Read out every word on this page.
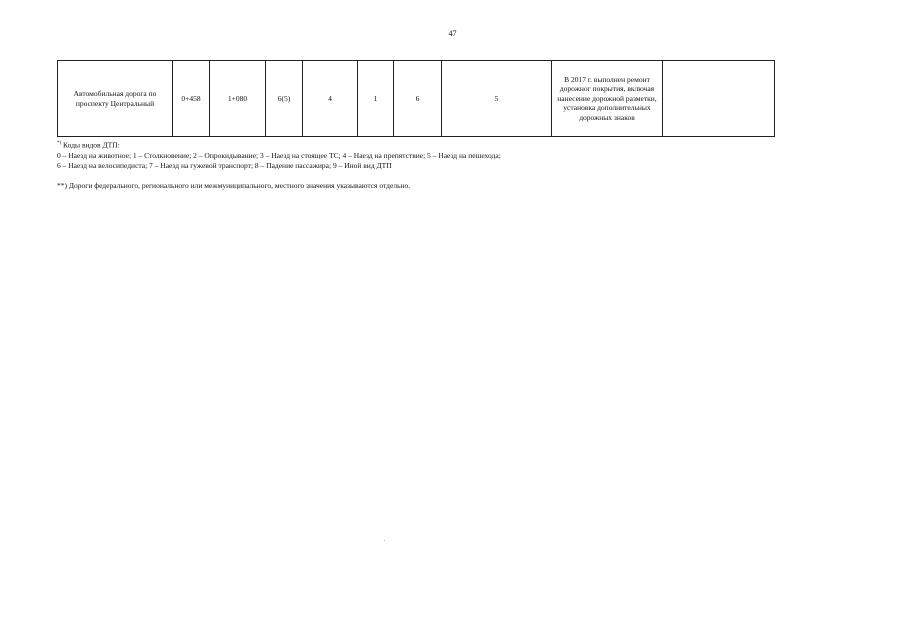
47
Автомобильная дорога по проспекту Центральный	0+458	1+080	6(5)	4	1	6	5	В 2017 г. выполнен ремонт дорожног покрытия, включая нанесение дорожной разметки, установка дополнительных дорожных знаков	

*) Коды видов ДТП:

0 – Наезд на животное; 1 – Столкновение; 2 – Опрокидывание; 3 – Наезд на стоящее ТС; 4 – Наезд на препятствие; 5 – Наезд на пешехода;

6 – Наезд на велосипедиста; 7 – Наезд на гужевой транспорт; 8 – Падение пассажира; 9 – Иной вид ДТП

**) Дороги федерального, регионального или межмуниципального, местного значения указываются отдельно.
